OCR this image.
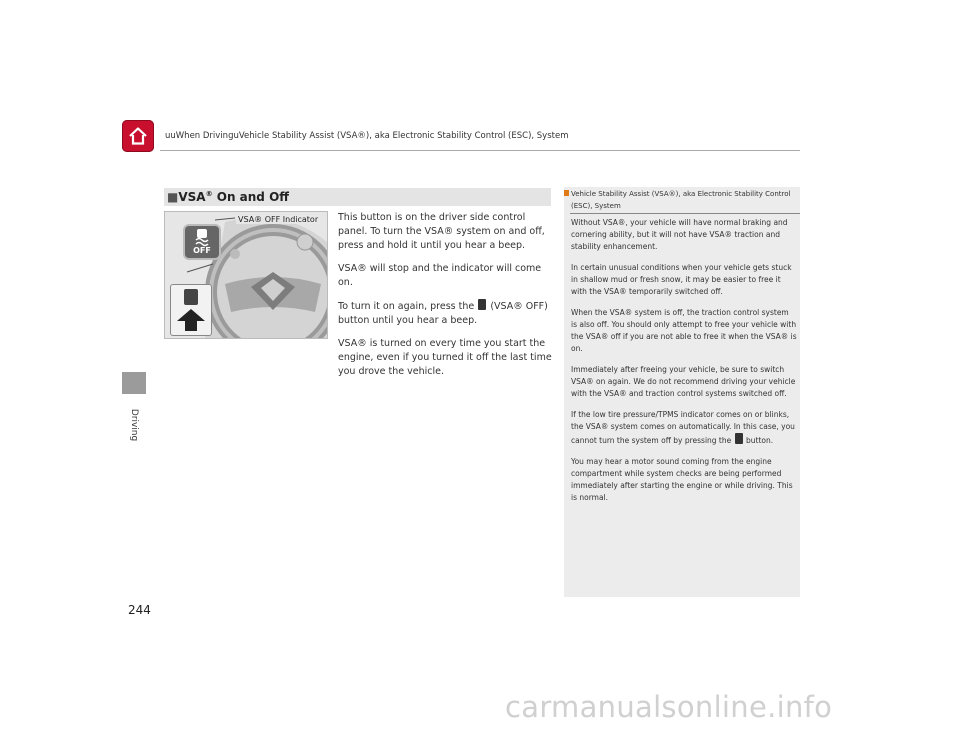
uuWhen DrivinguVehicle Stability Assist (VSA®), aka Electronic Stability Control (ESC), System
Driving
■VSA® On and Off
OFF
VSA® OFF Indicator This button is on the driver side control panel. To turn the VSA® system on and off, press and hold it until you hear a beep.

VSA® will stop and the indicator will come on.

To turn it on again, press the (VSA® OFF) button until you hear a beep.

VSA® is turned on every time you start the engine, even if you turned it off the last time you drove the vehicle.

Vehicle Stability Assist (VSA®), aka Electronic Stability Control (ESC), System

Without VSA®, your vehicle will have normal braking and cornering ability, but it will not have VSA® traction and stability enhancement.

In certain unusual conditions when your vehicle gets stuck in shallow mud or fresh snow, it may be easier to free it with the VSA® temporarily switched off.

When the VSA® system is off, the traction control system is also off. You should only attempt to free your vehicle with the VSA® off if you are not able to free it when the VSA® is on.

Immediately after freeing your vehicle, be sure to switch VSA® on again. We do not recommend driving your vehicle with the VSA® and traction control systems switched off.

If the low tire pressure/TPMS indicator comes on or blinks, the VSA® system comes on automatically. In this case, you cannot turn the system off by pressing the button.

You may hear a motor sound coming from the engine compartment while system checks are being performed immediately after starting the engine or while driving. This is normal.

244
carmanualsonline.info
